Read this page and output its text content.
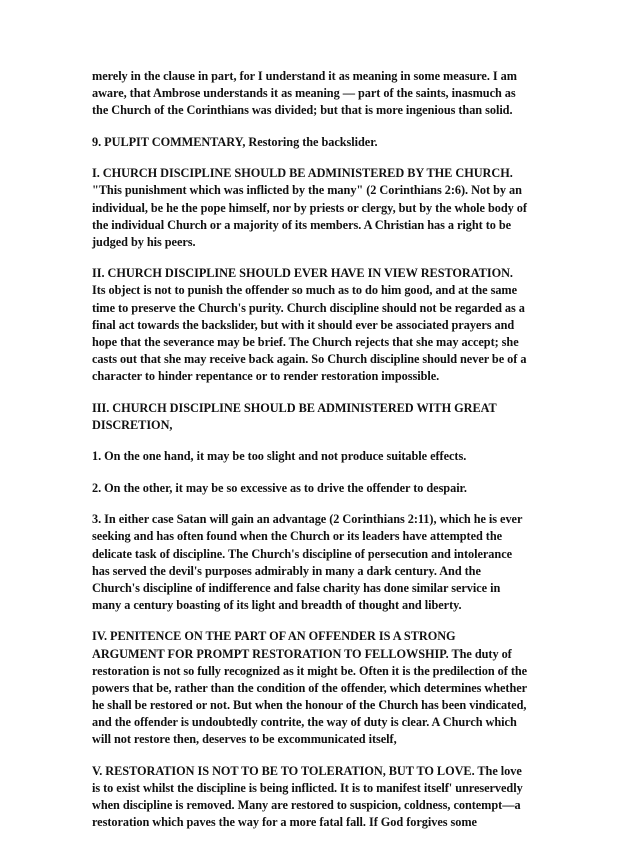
merely in the clause in part, for I understand it as meaning in some measure. I am
aware, that Ambrose understands it as meaning — part of the saints, inasmuch as
the Church of the Corinthians was divided; but that is more ingenious than solid.

9. PULPIT COMMENTARY, Restoring the backslider.

I. CHURCH DISCIPLINE SHOULD BE ADMINISTERED BY THE CHURCH.
"This punishment which was inflicted by the many" (2 Corinthians 2:6). Not by an
individual, be he the pope himself, nor by priests or clergy, but by the whole body of
the individual Church or a majority of its members. A Christian has a right to be
judged by his peers.

II. CHURCH DISCIPLINE SHOULD EVER HAVE IN VIEW RESTORATION.
Its object is not to punish the offender so much as to do him good, and at the same
time to preserve the Church's purity. Church discipline should not be regarded as a
final act towards the backslider, but with it should ever be associated prayers and
hope that the severance may be brief. The Church rejects that she may accept; she
casts out that she may receive back again. So Church discipline should never be of a
character to hinder repentance or to render restoration impossible.

III. CHURCH DISCIPLINE SHOULD BE ADMINISTERED WITH GREAT
DISCRETION,

1. On the one hand, it may be too slight and not produce suitable effects.

2. On the other, it may be so excessive as to drive the offender to despair.

3. In either case Satan will gain an advantage (2 Corinthians 2:11), which he is ever
seeking and has often found when the Church or its leaders have attempted the
delicate task of discipline. The Church's discipline of persecution and intolerance
has served the devil's purposes admirably in many a dark century. And the
Church's discipline of indifference and false charity has done similar service in
many a century boasting of its light and breadth of thought and liberty.

IV. PENITENCE ON THE PART OF AN OFFENDER IS A STRONG
ARGUMENT FOR PROMPT RESTORATION TO FELLOWSHIP. The duty of
restoration is not so fully recognized as it might be. Often it is the predilection of the
powers that be, rather than the condition of the offender, which determines whether
he shall be restored or not. But when the honour of the Church has been vindicated,
and the offender is undoubtedly contrite, the way of duty is clear. A Church which
will not restore then, deserves to be excommunicated itself,

V. RESTORATION IS NOT TO BE TO TOLERATION, BUT TO LOVE. The love
is to exist whilst the discipline is being inflicted. It is to manifest itself' unreservedly
when discipline is removed. Many are restored to suspicion, coldness, contempt—a
restoration which paves the way for a more fatal fall. If God forgives some
